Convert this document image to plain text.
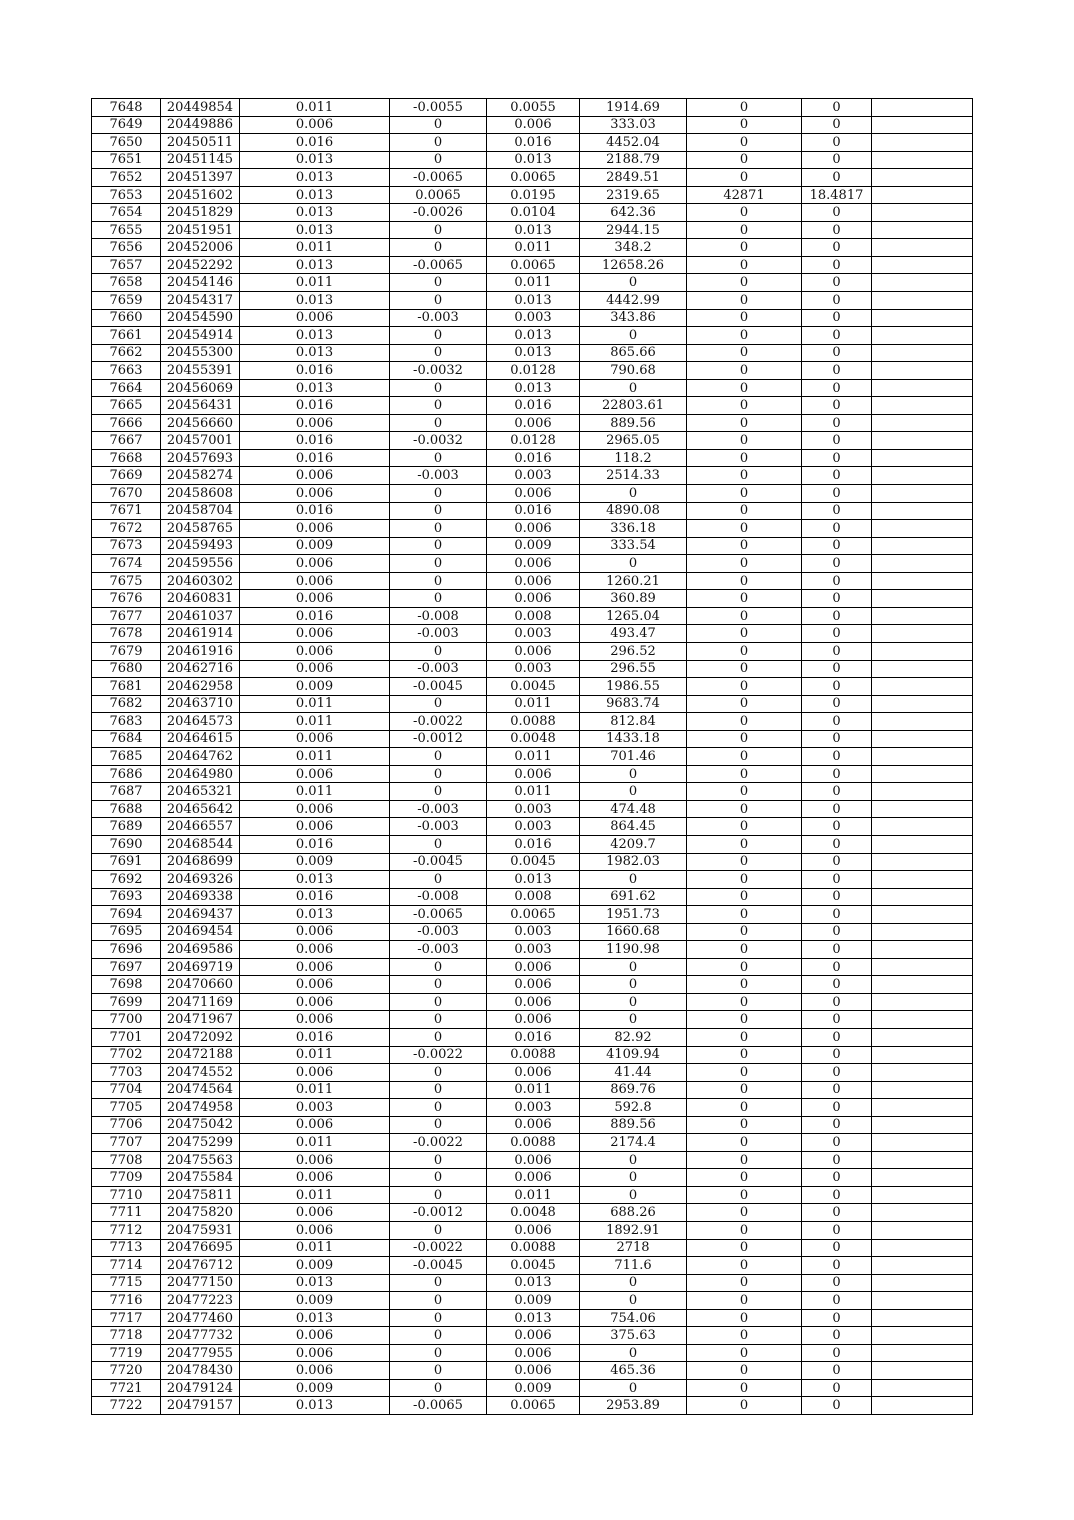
7648	20449854	0.011	-0.0055	0.0055	1914.69	0	0	
7649	20449886	0.006	0	0.006	333.03	0	0	
7650	20450511	0.016	0	0.016	4452.04	0	0	
7651	20451145	0.013	0	0.013	2188.79	0	0	
7652	20451397	0.013	-0.0065	0.0065	2849.51	0	0	
7653	20451602	0.013	0.0065	0.0195	2319.65	42871	18.4817	
7654	20451829	0.013	-0.0026	0.0104	642.36	0	0	
7655	20451951	0.013	0	0.013	2944.15	0	0	
7656	20452006	0.011	0	0.011	348.2	0	0	
7657	20452292	0.013	-0.0065	0.0065	12658.26	0	0	
7658	20454146	0.011	0	0.011	0	0	0	
7659	20454317	0.013	0	0.013	4442.99	0	0	
7660	20454590	0.006	-0.003	0.003	343.86	0	0	
7661	20454914	0.013	0	0.013	0	0	0	
7662	20455300	0.013	0	0.013	865.66	0	0	
7663	20455391	0.016	-0.0032	0.0128	790.68	0	0	
7664	20456069	0.013	0	0.013	0	0	0	
7665	20456431	0.016	0	0.016	22803.61	0	0	
7666	20456660	0.006	0	0.006	889.56	0	0	
7667	20457001	0.016	-0.0032	0.0128	2965.05	0	0	
7668	20457693	0.016	0	0.016	118.2	0	0	
7669	20458274	0.006	-0.003	0.003	2514.33	0	0	
7670	20458608	0.006	0	0.006	0	0	0	
7671	20458704	0.016	0	0.016	4890.08	0	0	
7672	20458765	0.006	0	0.006	336.18	0	0	
7673	20459493	0.009	0	0.009	333.54	0	0	
7674	20459556	0.006	0	0.006	0	0	0	
7675	20460302	0.006	0	0.006	1260.21	0	0	
7676	20460831	0.006	0	0.006	360.89	0	0	
7677	20461037	0.016	-0.008	0.008	1265.04	0	0	
7678	20461914	0.006	-0.003	0.003	493.47	0	0	
7679	20461916	0.006	0	0.006	296.52	0	0	
7680	20462716	0.006	-0.003	0.003	296.55	0	0	
7681	20462958	0.009	-0.0045	0.0045	1986.55	0	0	
7682	20463710	0.011	0	0.011	9683.74	0	0	
7683	20464573	0.011	-0.0022	0.0088	812.84	0	0	
7684	20464615	0.006	-0.0012	0.0048	1433.18	0	0	
7685	20464762	0.011	0	0.011	701.46	0	0	
7686	20464980	0.006	0	0.006	0	0	0	
7687	20465321	0.011	0	0.011	0	0	0	
7688	20465642	0.006	-0.003	0.003	474.48	0	0	
7689	20466557	0.006	-0.003	0.003	864.45	0	0	
7690	20468544	0.016	0	0.016	4209.7	0	0	
7691	20468699	0.009	-0.0045	0.0045	1982.03	0	0	
7692	20469326	0.013	0	0.013	0	0	0	
7693	20469338	0.016	-0.008	0.008	691.62	0	0	
7694	20469437	0.013	-0.0065	0.0065	1951.73	0	0	
7695	20469454	0.006	-0.003	0.003	1660.68	0	0	
7696	20469586	0.006	-0.003	0.003	1190.98	0	0	
7697	20469719	0.006	0	0.006	0	0	0	
7698	20470660	0.006	0	0.006	0	0	0	
7699	20471169	0.006	0	0.006	0	0	0	
7700	20471967	0.006	0	0.006	0	0	0	
7701	20472092	0.016	0	0.016	82.92	0	0	
7702	20472188	0.011	-0.0022	0.0088	4109.94	0	0	
7703	20474552	0.006	0	0.006	41.44	0	0	
7704	20474564	0.011	0	0.011	869.76	0	0	
7705	20474958	0.003	0	0.003	592.8	0	0	
7706	20475042	0.006	0	0.006	889.56	0	0	
7707	20475299	0.011	-0.0022	0.0088	2174.4	0	0	
7708	20475563	0.006	0	0.006	0	0	0	
7709	20475584	0.006	0	0.006	0	0	0	
7710	20475811	0.011	0	0.011	0	0	0	
7711	20475820	0.006	-0.0012	0.0048	688.26	0	0	
7712	20475931	0.006	0	0.006	1892.91	0	0	
7713	20476695	0.011	-0.0022	0.0088	2718	0	0	
7714	20476712	0.009	-0.0045	0.0045	711.6	0	0	
7715	20477150	0.013	0	0.013	0	0	0	
7716	20477223	0.009	0	0.009	0	0	0	
7717	20477460	0.013	0	0.013	754.06	0	0	
7718	20477732	0.006	0	0.006	375.63	0	0	
7719	20477955	0.006	0	0.006	0	0	0	
7720	20478430	0.006	0	0.006	465.36	0	0	
7721	20479124	0.009	0	0.009	0	0	0	
7722	20479157	0.013	-0.0065	0.0065	2953.89	0	0	
